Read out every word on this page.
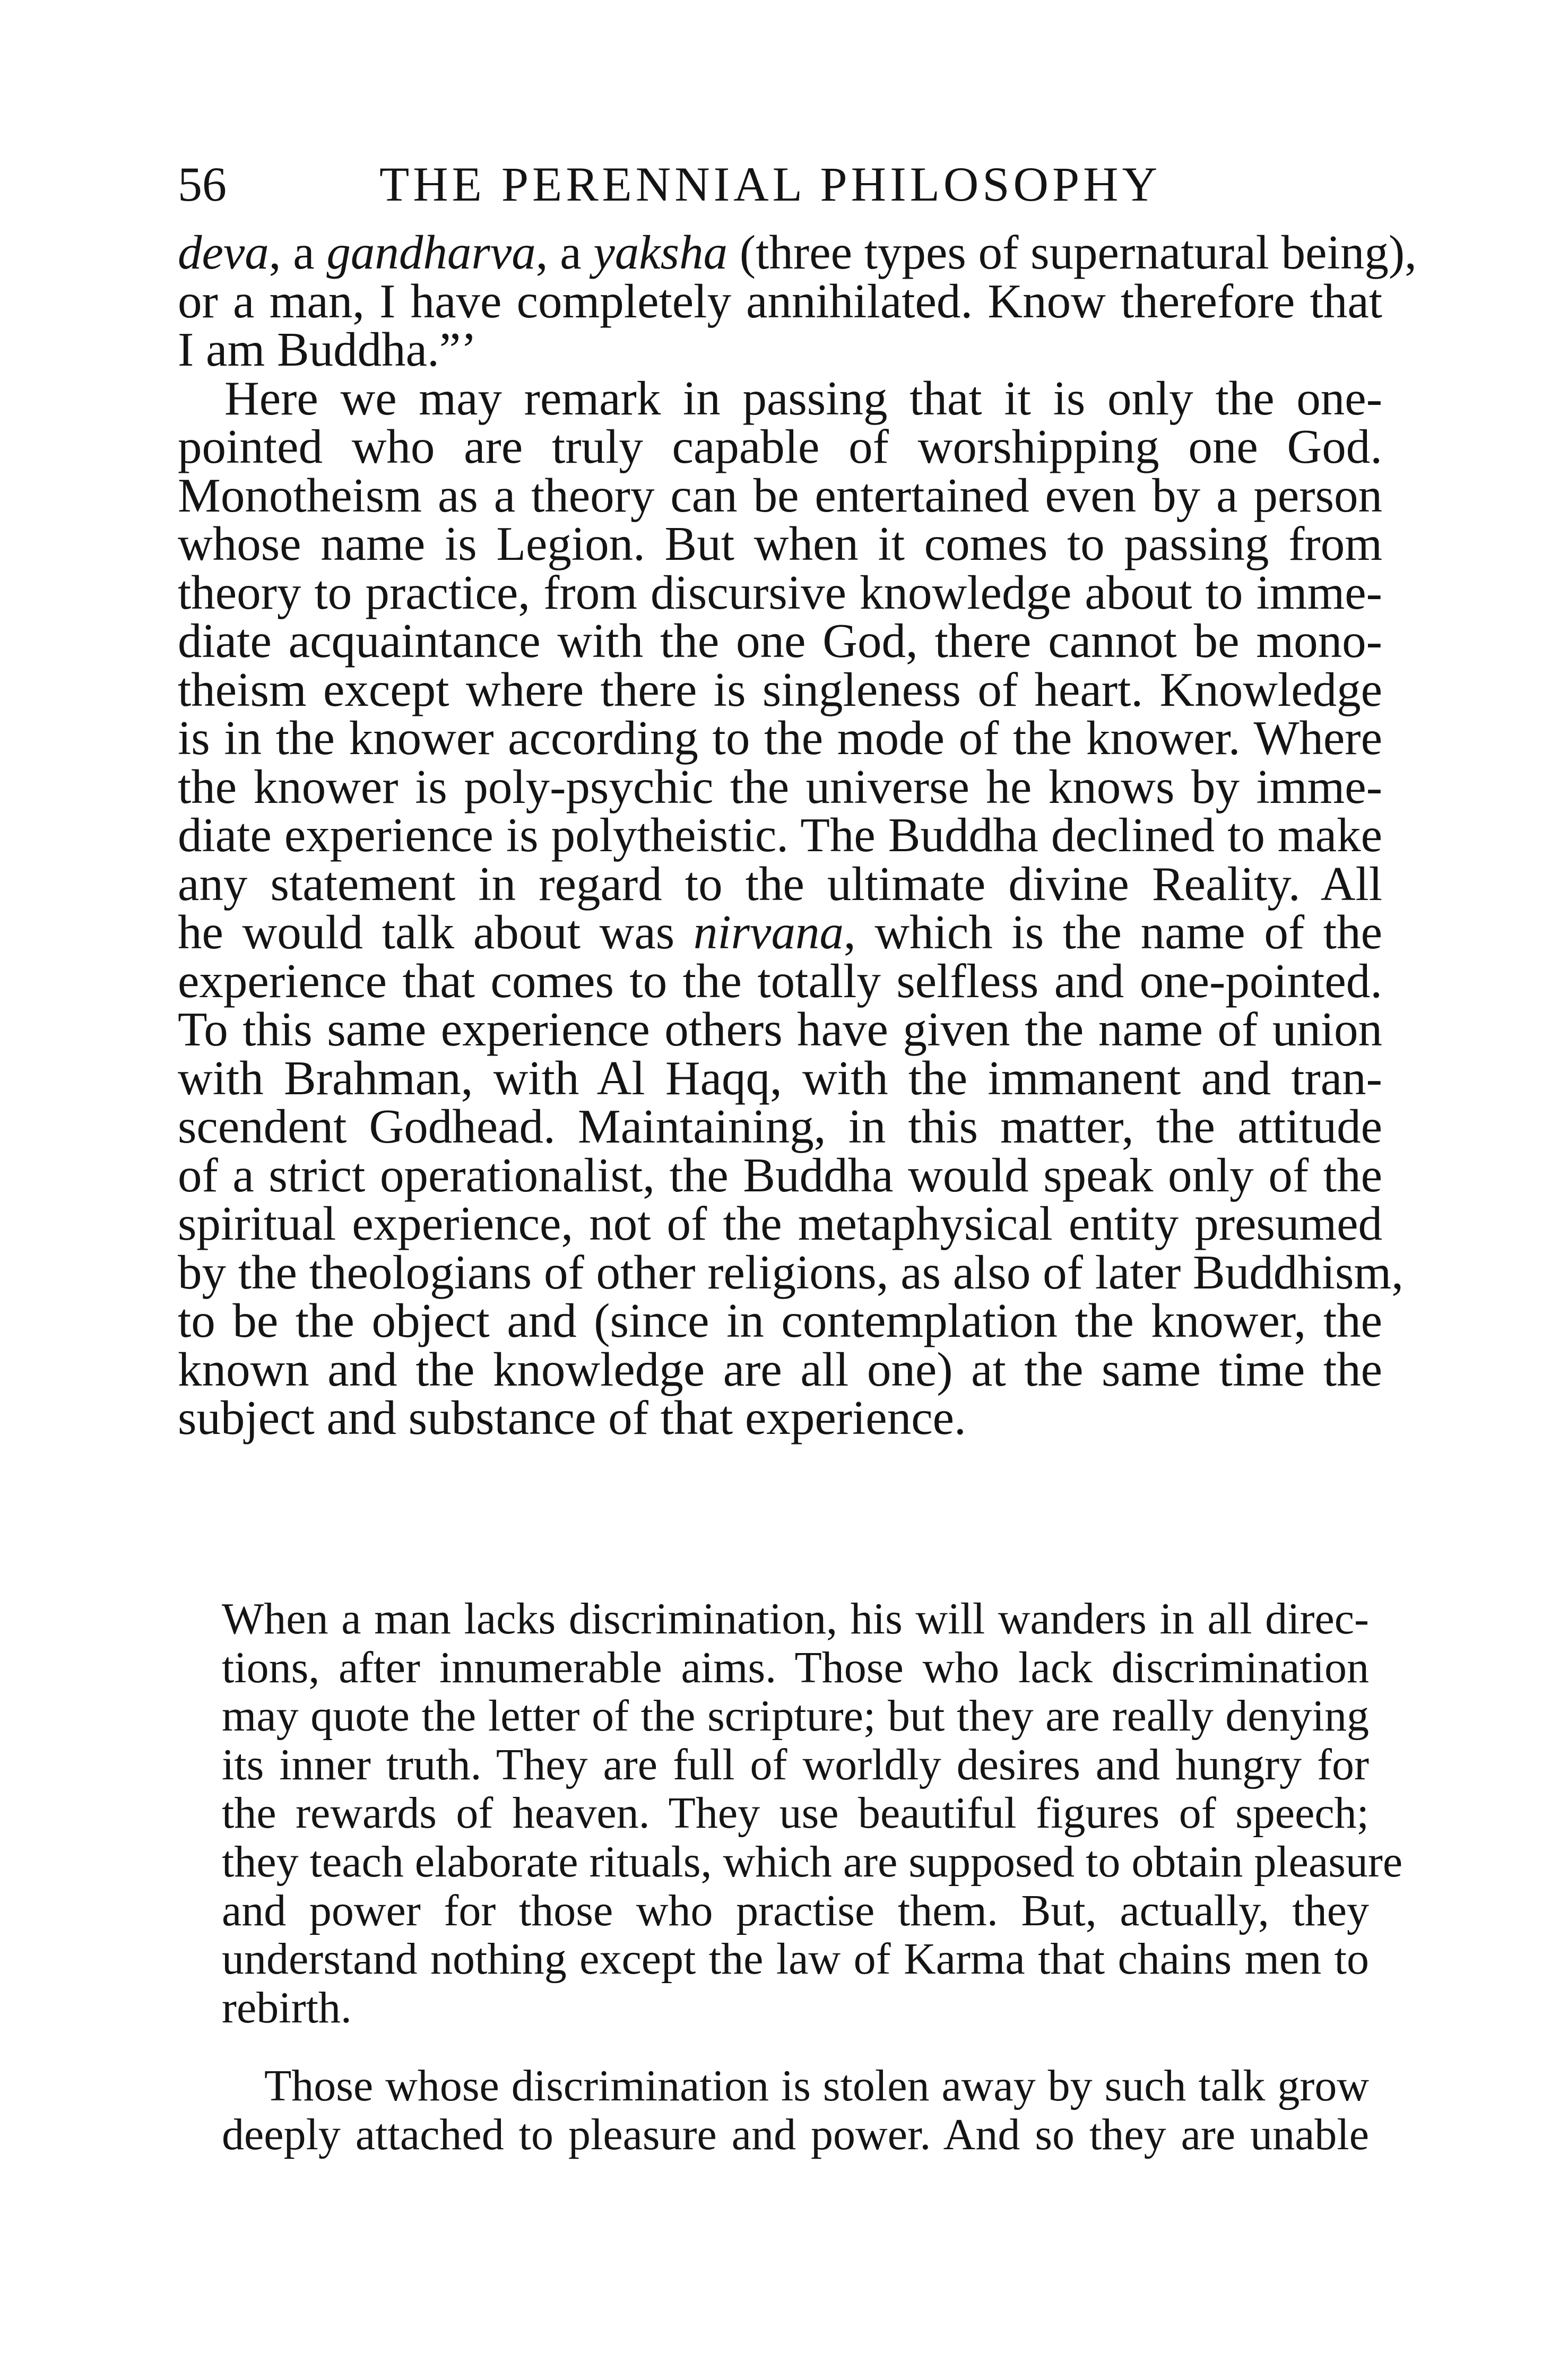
56	THE PERENNIAL PHILOSOPHY
deva, a gandharva, a yaksha (three types of supernatural being),
or a man, I have completely annihilated. Know therefore that
I am Buddha.”’
Here we may remark in passing that it is only the one-
pointed who are truly capable of worshipping one God.
Monotheism as a theory can be entertained even by a person
whose name is Legion. But when it comes to passing from
theory to practice, from discursive knowledge about to imme-
diate acquaintance with the one God, there cannot be mono-
theism except where there is singleness of heart. Knowledge
is in the knower according to the mode of the knower. Where
the knower is poly-psychic the universe he knows by imme-
diate experience is polytheistic. The Buddha declined to make
any statement in regard to the ultimate divine Reality. All
he would talk about was nirvana, which is the name of the
experience that comes to the totally selfless and one-pointed.
To this same experience others have given the name of union
with Brahman, with Al Haqq, with the immanent and tran-
scendent Godhead. Maintaining, in this matter, the attitude
of a strict operationalist, the Buddha would speak only of the
spiritual experience, not of the metaphysical entity presumed
by the theologians of other religions, as also of later Buddhism,
to be the object and (since in contemplation the knower, the
known and the knowledge are all one) at the same time the
subject and substance of that experience.
When a man lacks discrimination, his will wanders in all direc-
tions, after innumerable aims. Those who lack discrimination
may quote the letter of the scripture; but they are really denying
its inner truth. They are full of worldly desires and hungry for
the rewards of heaven. They use beautiful figures of speech;
they teach elaborate rituals, which are supposed to obtain pleasure
and power for those who practise them. But, actually, they
understand nothing except the law of Karma that chains men to
rebirth.
Those whose discrimination is stolen away by such talk grow
deeply attached to pleasure and power. And so they are unable
